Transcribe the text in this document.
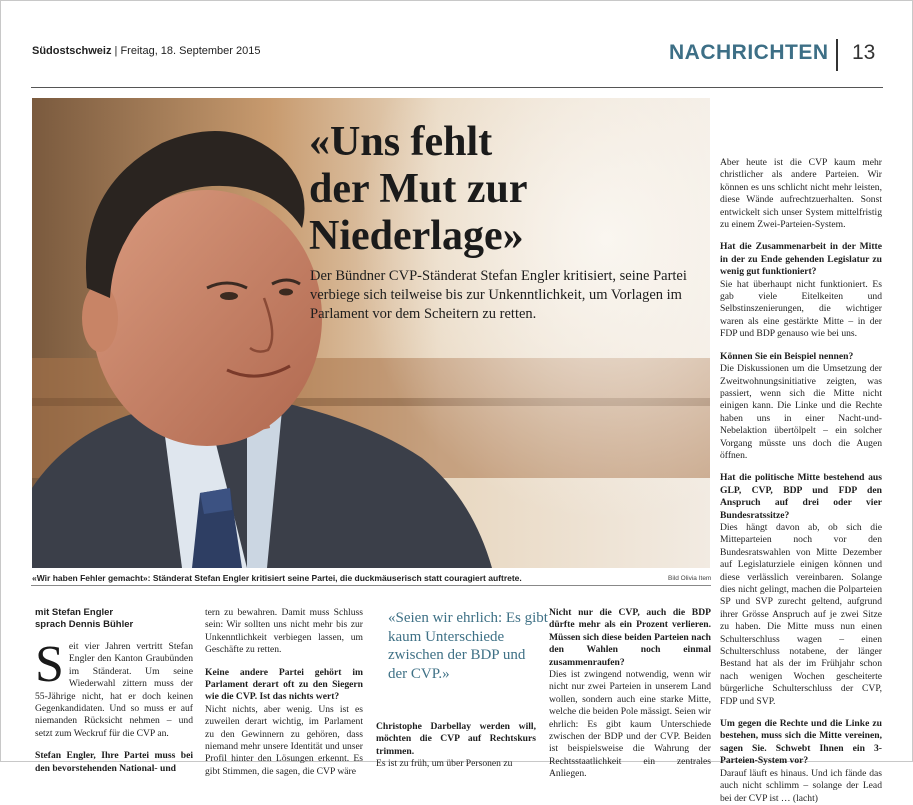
Südostschweiz | Freitag, 18. September 2015	NACHRICHTEN 13
«Uns fehlt
der Mut zur
Niederlage»
Der Bündner CVP-Ständerat Stefan Engler kritisiert, seine Partei verbiege sich teilweise bis zur Unkenntlichkeit, um Vorlagen im Parlament vor dem Scheitern zu retten.
«Wir haben Fehler gemacht»: Ständerat Stefan Engler kritisiert seine Partei, die duckmäuserisch statt couragiert auftrete.	Bild Olivia Item
mit Stefan Engler
sprach Dennis Bühler
S eit vier Jahren vertritt Stefan Engler den Kanton Graubünden im Ständerat. Um seine Wiederwahl zittern muss der 55-Jährige nicht, hat er doch keinen Gegenkandidaten. Und so muss er auf niemanden Rücksicht nehmen – und setzt zum Weckruf für die CVP an.

Stefan Engler, Ihre Partei muss bei den bevorstehenden National- und

tern zu bewahren. Damit muss Schluss sein: Wir sollten uns nicht mehr bis zur Unkenntlichkeit verbiegen lassen, um Geschäfte zu retten.

Keine andere Partei gehört im Parlament derart oft zu den Siegern wie die CVP. Ist das nichts wert?

Nicht nichts, aber wenig. Uns ist es zuweilen derart wichtig, im Parlament zu den Gewinnern zu gehören, dass niemand mehr unsere Identität und unser Profil hinter den Lösungen erkennt. Es gibt Stimmen, die sagen, die CVP wäre

«Seien wir ehrlich: Es gibt kaum Unterschiede zwischen der BDP und der CVP.»

Christophe Darbellay werden will, möchten die CVP auf Rechtskurs trimmen.

Es ist zu früh, um über Personen zu

Nicht nur die CVP, auch die BDP dürfte mehr als ein Prozent verlieren. Müssen sich diese beiden Parteien nach den Wahlen noch einmal zusammenraufen?

Dies ist zwingend notwendig, wenn wir nicht nur zwei Parteien in unserem Land wollen, sondern auch eine starke Mitte, welche die beiden Pole mässigt. Seien wir ehrlich: Es gibt kaum Unterschiede zwischen der BDP und der CVP. Beiden ist beispielsweise die Wahrung der Rechtsstaatlichkeit ein zentrales Anliegen.

Aber heute ist die CVP kaum mehr christlicher als andere Parteien. Wir können es uns schlicht nicht mehr leisten, diese Wände aufrechtzuerhalten. Sonst entwickelt sich unser System mittelfristig zu einem Zwei-Parteien-System.

Hat die Zusammenarbeit in der Mitte in der zu Ende gehenden Legislatur zu wenig gut funktioniert?

Sie hat überhaupt nicht funktioniert. Es gab viele Eitelkeiten und Selbstinszenierungen, die wichtiger waren als eine gestärkte Mitte – in der FDP und BDP genauso wie bei uns.

Können Sie ein Beispiel nennen?

Die Diskussionen um die Umsetzung der Zweitwohnungsinitiative zeigten, was passiert, wenn sich die Mitte nicht einigen kann. Die Linke und die Rechte haben uns in einer Nacht-und-Nebelaktion übertölpelt – ein solcher Vorgang müsste uns doch die Augen öffnen.

Hat die politische Mitte bestehend aus GLP, CVP, BDP und FDP den Anspruch auf drei oder vier Bundesratssitze?

Dies hängt davon ab, ob sich die Mitteparteien noch vor den Bundesratswahlen von Mitte Dezember auf Legislaturziele einigen können und diese verlässlich vereinbaren. Solange dies nicht gelingt, machen die Polparteien SP und SVP zurecht geltend, aufgrund ihrer Grösse Anspruch auf je zwei Sitze zu haben. Die Mitte muss nun einen Schulterschluss wagen – einen Schulterschluss notabene, der länger Bestand hat als der im Frühjahr schon nach wenigen Wochen gescheiterte bürgerliche Schulterschluss der CVP, FDP und SVP.

Um gegen die Rechte und die Linke zu bestehen, muss sich die Mitte vereinen, sagen Sie. Schwebt Ihnen ein 3-Parteien-System vor?

Darauf läuft es hinaus. Und ich fände das auch nicht schlimm – solange der Lead bei der CVP ist … (lacht)
